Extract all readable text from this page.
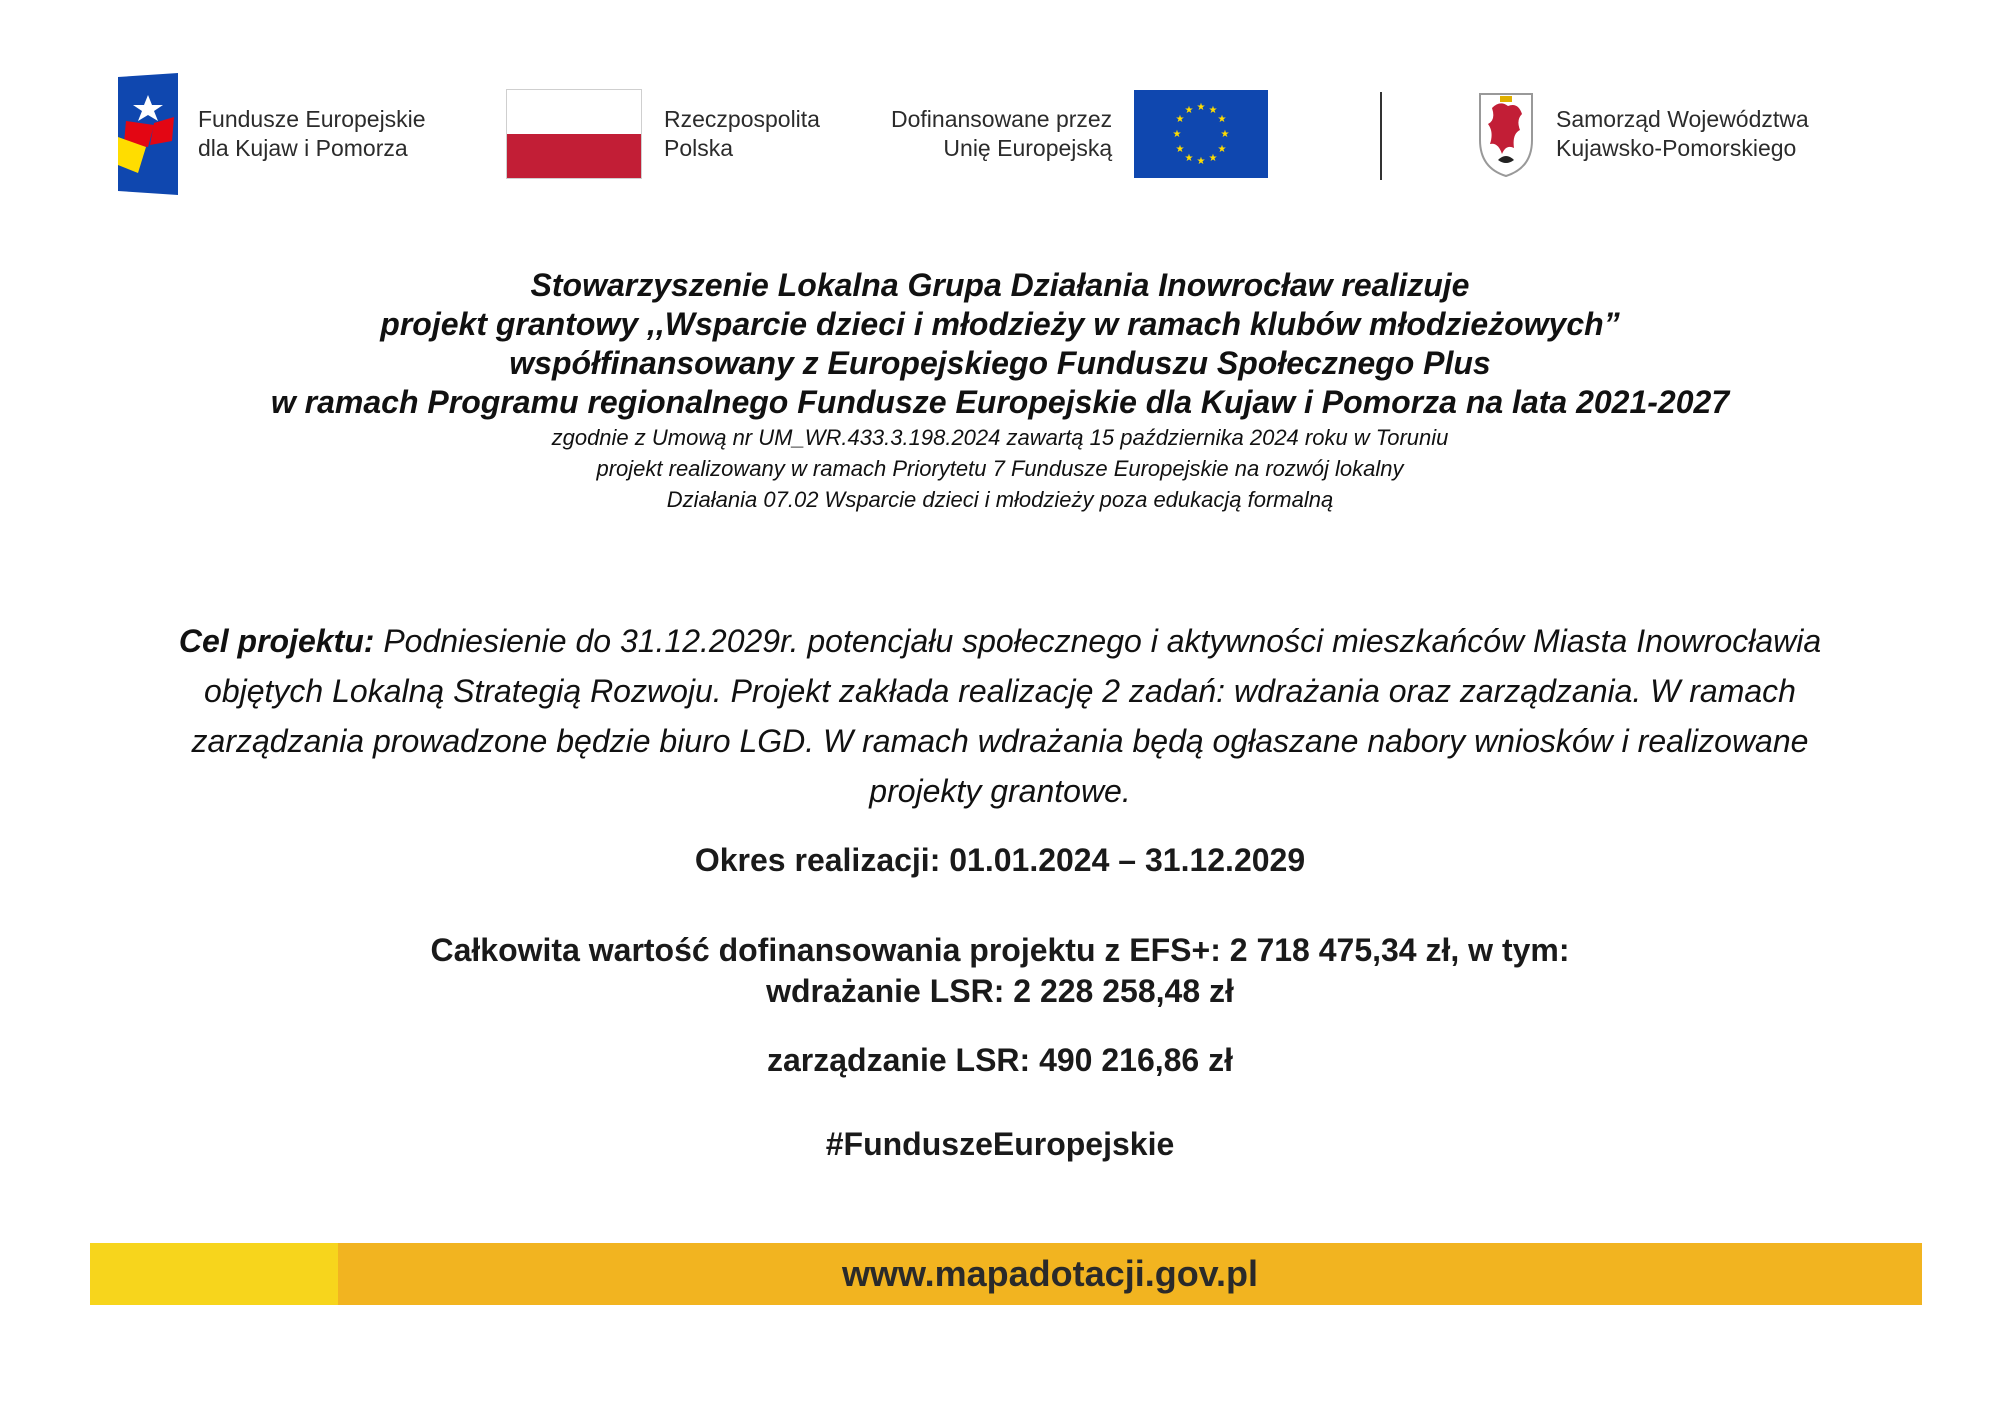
Fundusze Europejskie
dla Kujaw i Pomorza
Rzeczpospolita
Polska
Dofinansowane przez
Unię Europejską
★ ★
★
★
★
★
★
★
★
★
★
★	Samorząd Województwa
Kujawsko-Pomorskiego
Stowarzyszenie Lokalna Grupa Działania Inowrocław realizuje
projekt grantowy ,,Wsparcie dzieci i młodzieży w ramach klubów młodzieżowych”
współfinansowany z Europejskiego Funduszu Społecznego Plus
w ramach Programu regionalnego Fundusze Europejskie dla Kujaw i Pomorza na lata 2021-2027
zgodnie z Umową nr UM_WR.433.3.198.2024 zawartą 15 października 2024 roku w Toruniu
projekt realizowany w ramach Priorytetu 7 Fundusze Europejskie na rozwój lokalny
Działania 07.02 Wsparcie dzieci i młodzieży poza edukacją formalną
Cel projektu: Podniesienie do 31.12.2029r. potencjału społecznego i aktywności mieszkańców Miasta Inowrocławia objętych Lokalną Strategią Rozwoju. Projekt zakłada realizację 2 zadań: wdrażania oraz zarządzania. W ramach zarządzania prowadzone będzie biuro LGD. W ramach wdrażania będą ogłaszane nabory wniosków i realizowane projekty grantowe.
Okres realizacji: 01.01.2024 – 31.12.2029
Całkowita wartość dofinansowania projektu z EFS+: 2 718 475,34 zł, w tym:
wdrażanie LSR: 2 228 258,48 zł
zarządzanie LSR: 490 216,86 zł
#FunduszeEuropejskie
www.mapadotacji.gov.pl
